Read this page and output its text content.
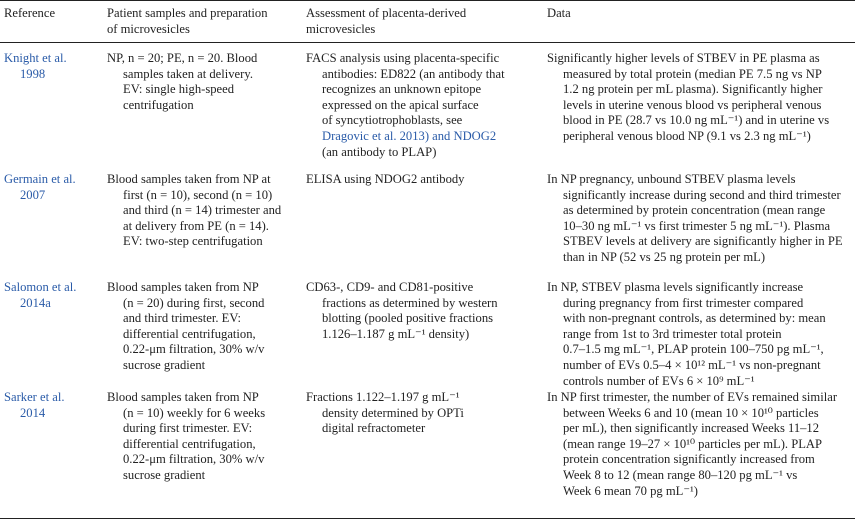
Reference	Patient samples and preparation
of microvesicles
Assessment of placenta-derived
microvesicles
Data
Knight et al.
1998
NP, n = 20; PE, n = 20. Blood
samples taken at delivery.
EV: single high-speed
centrifugation
FACS analysis using placenta-specific
antibodies: ED822 (an antibody that
recognizes an unknown epitope
expressed on the apical surface
of syncytiotrophoblasts, see
Dragovic et al. 2013) and NDOG2
(an antibody to PLAP)
Significantly higher levels of STBEV in PE plasma as
measured by total protein (median PE 7.5 ng vs NP
1.2 ng protein per mL plasma). Significantly higher
levels in uterine venous blood vs peripheral venous
blood in PE (28.7 vs 10.0 ng mL⁻¹) and in uterine vs
peripheral venous blood NP (9.1 vs 2.3 ng mL⁻¹)
Germain et al.
2007
Blood samples taken from NP at
first (n = 10), second (n = 10)
and third (n = 14) trimester and
at delivery from PE (n = 14).
EV: two-step centrifugation
ELISA using NDOG2 antibody	In NP pregnancy, unbound STBEV plasma levels
significantly increase during second and third trimester
as determined by protein concentration (mean range
10–30 ng mL⁻¹ vs first trimester 5 ng mL⁻¹). Plasma
STBEV levels at delivery are significantly higher in PE
than in NP (52 vs 25 ng protein per mL)
Salomon et al.
2014a
Blood samples taken from NP
(n = 20) during first, second
and third trimester. EV:
differential centrifugation,
0.22-μm filtration, 30% w/v
sucrose gradient
CD63-, CD9- and CD81-positive
fractions as determined by western
blotting (pooled positive fractions
1.126–1.187 g mL⁻¹ density)
In NP, STBEV plasma levels significantly increase
during pregnancy from first trimester compared
with non-pregnant controls, as determined by: mean
range from 1st to 3rd trimester total protein
0.7–1.5 mg mL⁻¹, PLAP protein 100–750 pg mL⁻¹,
number of EVs 0.5–4 × 10¹² mL⁻¹ vs non-pregnant
controls number of EVs 6 × 10⁹ mL⁻¹
Sarker et al.
2014
Blood samples taken from NP
(n = 10) weekly for 6 weeks
during first trimester. EV:
differential centrifugation,
0.22-μm filtration, 30% w/v
sucrose gradient
Fractions 1.122–1.197 g mL⁻¹
density determined by OPTi
digital refractometer
In NP first trimester, the number of EVs remained similar
between Weeks 6 and 10 (mean 10 × 10¹⁰ particles
per mL), then significantly increased Weeks 11–12
(mean range 19–27 × 10¹⁰ particles per mL). PLAP
protein concentration significantly increased from
Week 8 to 12 (mean range 80–120 pg mL⁻¹ vs
Week 6 mean 70 pg mL⁻¹)
